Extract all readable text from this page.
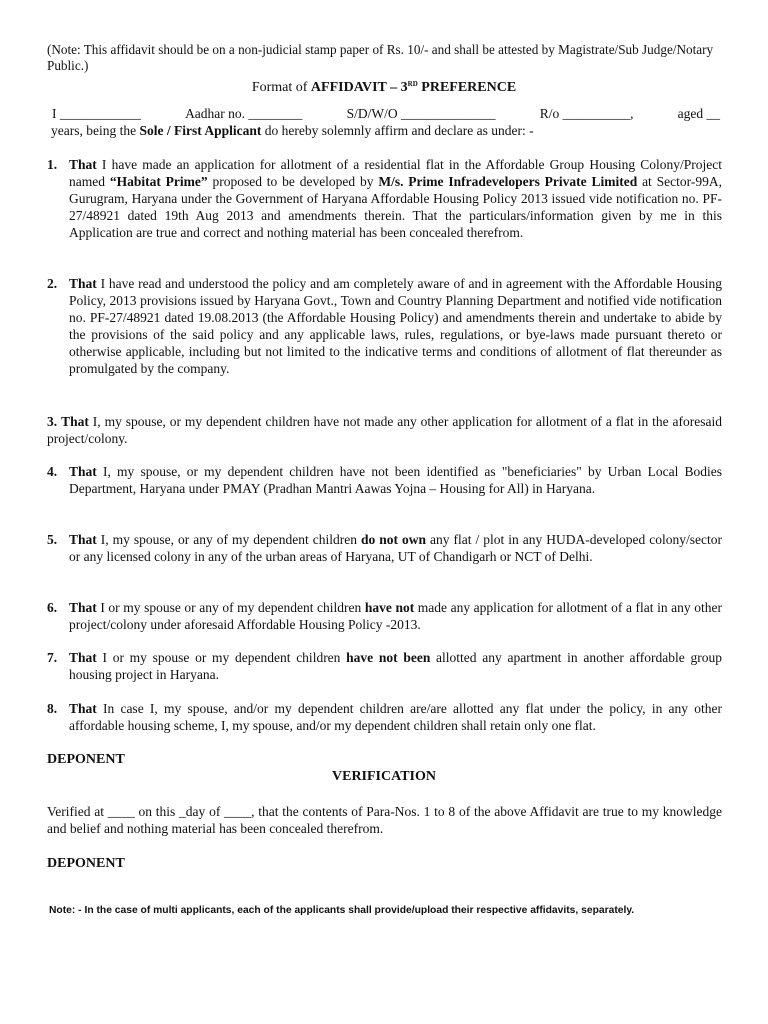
(Note: This affidavit should be on a non-judicial stamp paper of Rs. 10/- and shall be attested by Magistrate/Sub Judge/Notary Public.)
Format of AFFIDAVIT – 3RD PREFERENCE
I ____________	Aadhar no. ________	S/D/W/O ______________	R/o __________,	aged __
years, being the Sole / First Applicant do hereby solemnly affirm and declare as under: -
1. That I have made an application for allotment of a residential flat in the Affordable Group Housing Colony/Project named “Habitat Prime” proposed to be developed by M/s. Prime Infradevelopers Private Limited at Sector-99A, Gurugram, Haryana under the Government of Haryana Affordable Housing Policy 2013 issued vide notification no. PF-27/48921 dated 19th Aug 2013 and amendments therein. That the particulars/information given by me in this Application are true and correct and nothing material has been concealed therefrom.
2. That I have read and understood the policy and am completely aware of and in agreement with the Affordable Housing Policy, 2013 provisions issued by Haryana Govt., Town and Country Planning Department and notified vide notification no. PF-27/48921 dated 19.08.2013 (the Affordable Housing Policy) and amendments therein and undertake to abide by the provisions of the said policy and any applicable laws, rules, regulations, or bye-laws made pursuant thereto or otherwise applicable, including but not limited to the indicative terms and conditions of allotment of flat thereunder as promulgated by the company.
3. That I, my spouse, or my dependent children have not made any other application for allotment of a flat in the aforesaid project/colony.
4. That I, my spouse, or my dependent children have not been identified as "beneficiaries" by Urban Local Bodies Department, Haryana under PMAY (Pradhan Mantri Aawas Yojna – Housing for All) in Haryana.
5. That I, my spouse, or any of my dependent children do not own any flat / plot in any HUDA-developed colony/sector or any licensed colony in any of the urban areas of Haryana, UT of Chandigarh or NCT of Delhi.
6. That I or my spouse or any of my dependent children have not made any application for allotment of a flat in any other project/colony under aforesaid Affordable Housing Policy -2013.
7. That I or my spouse or my dependent children have not been allotted any apartment in another affordable group housing project in Haryana.
8. That In case I, my spouse, and/or my dependent children are/are allotted any flat under the policy, in any other affordable housing scheme, I, my spouse, and/or my dependent children shall retain only one flat.
DEPONENT
VERIFICATION
Verified at ____ on this _day of ____, that the contents of Para-Nos. 1 to 8 of the above Affidavit are true to my knowledge and belief and nothing material has been concealed therefrom.
DEPONENT
Note: - In the case of multi applicants, each of the applicants shall provide/upload their respective affidavits, separately.
